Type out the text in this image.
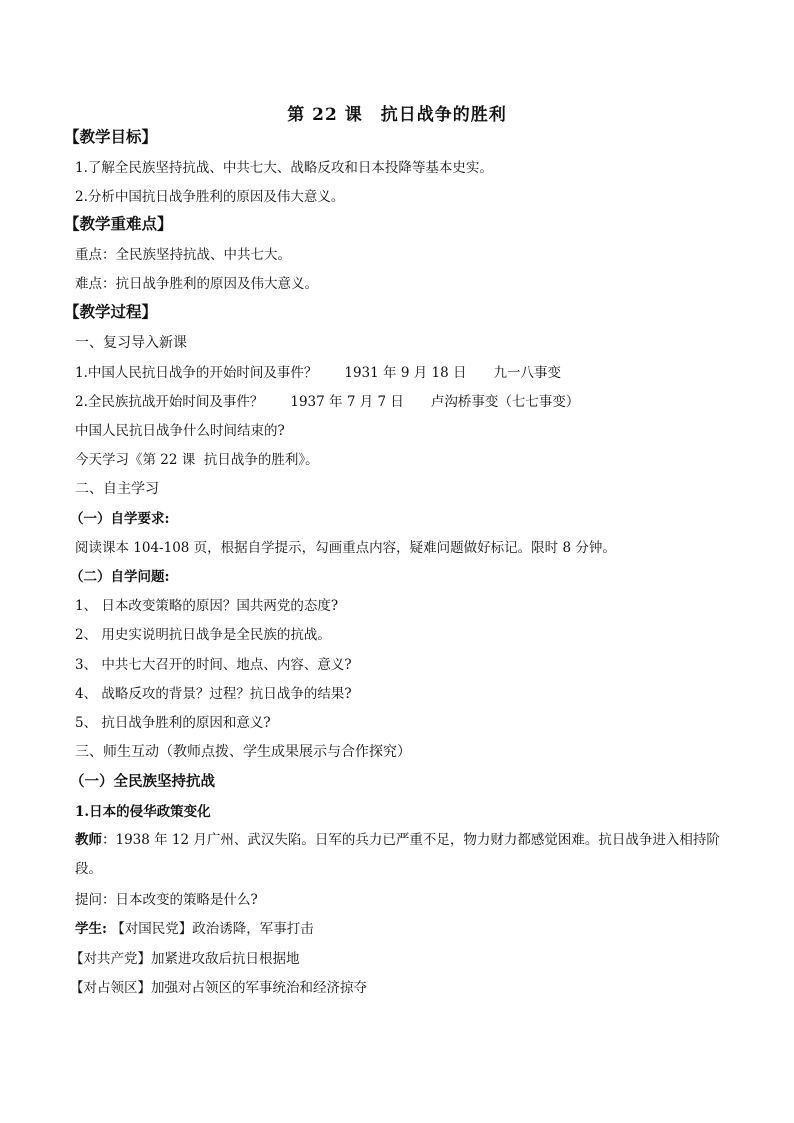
第 22 课　抗日战争的胜利
【教学目标】
1.了解全民族坚持抗战、中共七大、战略反攻和日本投降等基本史实。
2.分析中国抗日战争胜利的原因及伟大意义。
【教学重难点】
重点：全民族坚持抗战、中共七大。
难点：抗日战争胜利的原因及伟大意义。
【教学过程】
一、复习导入新课
1.中国人民抗日战争的开始时间及事件？　　1931 年 9 月 18 日　　九一八事变
2.全民族抗战开始时间及事件？　　1937 年 7 月 7 日　　卢沟桥事变（七七事变）
中国人民抗日战争什么时间结束的?
今天学习《第 22 课  抗日战争的胜利》。
二、自主学习
（一）自学要求:
阅读课本 104-108 页，根据自学提示，勾画重点内容，疑难问题做好标记。限时 8 分钟。
（二）自学问题:
1、 日本改变策略的原因？国共两党的态度?
2、 用史实说明抗日战争是全民族的抗战。
3、 中共七大召开的时间、地点、内容、意义?
4、 战略反攻的背景？过程？抗日战争的结果?
5、 抗日战争胜利的原因和意义?
三、师生互动（教师点拨、学生成果展示与合作探究）
（一）全民族坚持抗战
1.日本的侵华政策变化
教师：1938 年 12 月广州、武汉失陷。日军的兵力已严重不足，物力财力都感觉困难。抗日战争进入相持阶段。
提问：日本改变的策略是什么?
学生: 【对国民党】政治诱降，军事打击
【对共产党】加紧进攻敌后抗日根据地
【对占领区】加强对占领区的军事统治和经济掠夺
